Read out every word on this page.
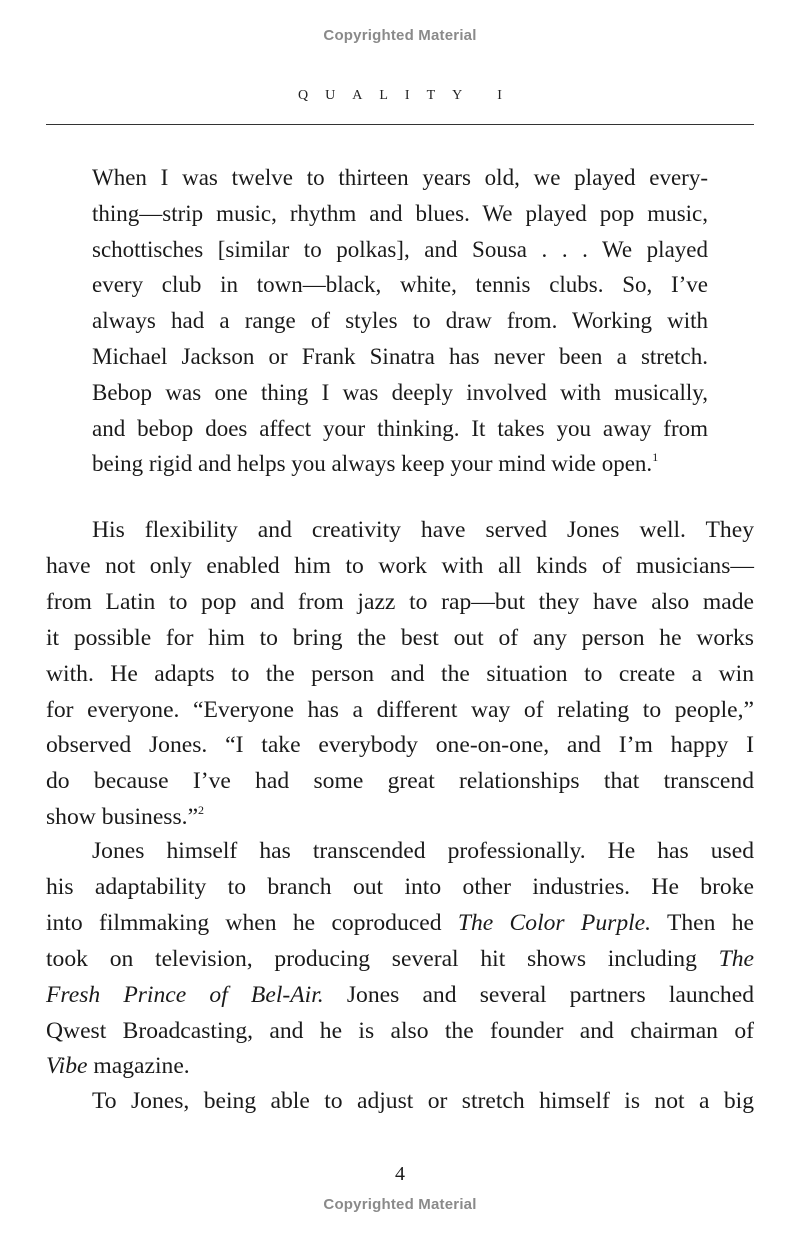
Copyrighted Material
QUALITY I
When I was twelve to thirteen years old, we played every-
thing—strip music, rhythm and blues. We played pop music,
schottisches [similar to polkas], and Sousa . . . We played
every club in town—black, white, tennis clubs. So, I’ve
always had a range of styles to draw from. Working with
Michael Jackson or Frank Sinatra has never been a stretch.
Bebop was one thing I was deeply involved with musically,
and bebop does affect your thinking. It takes you away from
being rigid and helps you always keep your mind wide open.$^1$
His flexibility and creativity have served Jones well. They
have not only enabled him to work with all kinds of musicians—
from Latin to pop and from jazz to rap—but they have also made
it possible for him to bring the best out of any person he works
with. He adapts to the person and the situation to create a win
for everyone. “Everyone has a different way of relating to people,”
observed Jones. “I take everybody one-on-one, and I’m happy I
do because I’ve had some great relationships that transcend
show business.”$^2$
Jones himself has transcended professionally. He has used
his adaptability to branch out into other industries. He broke
into filmmaking when he coproduced The Color Purple. Then he
took on television, producing several hit shows including The
Fresh Prince of Bel-Air. Jones and several partners launched
Qwest Broadcasting, and he is also the founder and chairman of
Vibe magazine.
To Jones, being able to adjust or stretch himself is not a big
4
Copyrighted Material
